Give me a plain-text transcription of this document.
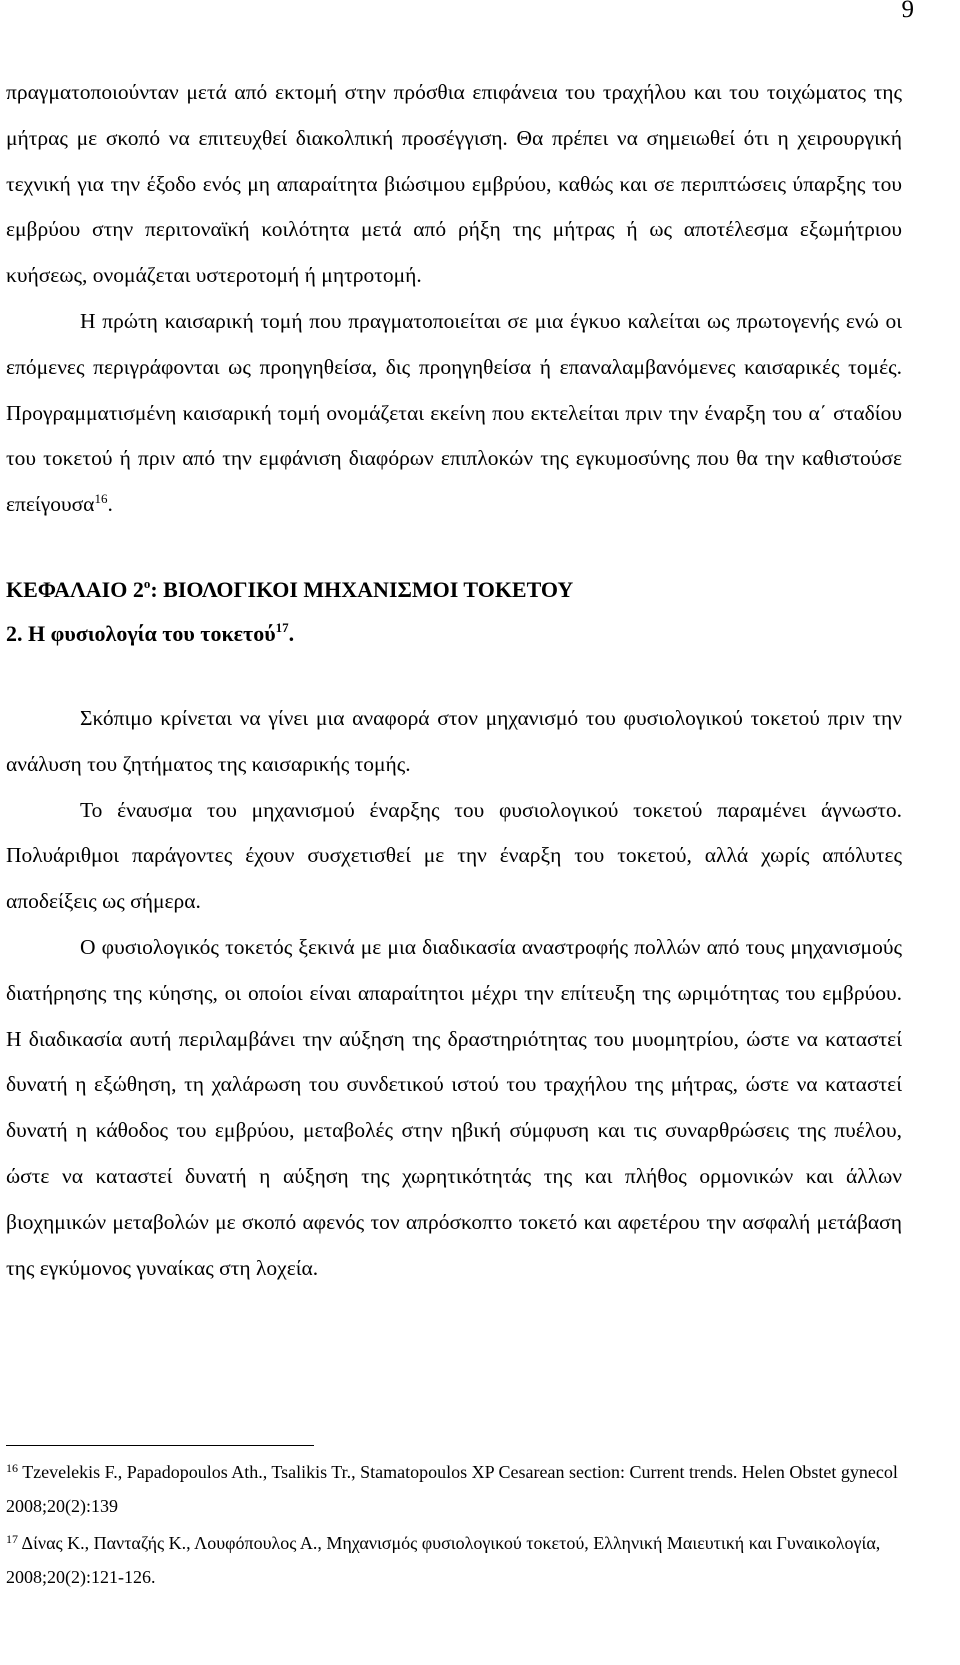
9

πραγματοποιούνταν μετά από εκτομή στην πρόσθια επιφάνεια του τραχήλου και του τοιχώματος της μήτρας με σκοπό να επιτευχθεί διακολπική προσέγγιση. Θα πρέπει να σημειωθεί ότι η χειρουργική τεχνική για την έξοδο ενός μη απαραίτητα βιώσιμου εμβρύου, καθώς και σε περιπτώσεις ύπαρξης του εμβρύου στην περιτοναϊκή κοιλότητα μετά από ρήξη της μήτρας ή ως αποτέλεσμα εξωμήτριου κυήσεως, ονομάζεται υστεροτομή ή μητροτομή.

Η πρώτη καισαρική τομή που πραγματοποιείται σε μια έγκυο καλείται ως πρωτογενής ενώ οι επόμενες περιγράφονται ως προηγηθείσα, δις προηγηθείσα ή επαναλαμβανόμενες καισαρικές τομές. Προγραμματισμένη καισαρική τομή ονομάζεται εκείνη που εκτελείται πριν την έναρξη του α΄ σταδίου του τοκετού ή πριν από την εμφάνιση διαφόρων επιπλοκών της εγκυμοσύνης που θα την καθιστούσε επείγουσα$^{16}$.

ΚΕΦΑΛΑΙΟ $2^o$: ΒΙΟΛΟΓΙΚΟΙ ΜΗΧΑΝΙΣΜΟΙ ΤΟΚΕΤΟΥ

2. Η φυσιολογία του τοκετού$^{17}$.

Σκόπιμο κρίνεται να γίνει μια αναφορά στον μηχανισμό του φυσιολογικού τοκετού πριν την ανάλυση του ζητήματος της καισαρικής τομής.

Το έναυσμα του μηχανισμού έναρξης του φυσιολογικού τοκετού παραμένει άγνωστο. Πολυάριθμοι παράγοντες έχουν συσχετισθεί με την έναρξη του τοκετού, αλλά χωρίς απόλυτες αποδείξεις ως σήμερα.

Ο φυσιολογικός τοκετός ξεκινά με μια διαδικασία αναστροφής πολλών από τους μηχανισμούς διατήρησης της κύησης, οι οποίοι είναι απαραίτητοι μέχρι την επίτευξη της ωριμότητας του εμβρύου. Η διαδικασία αυτή περιλαμβάνει την αύξηση της δραστηριότητας του μυομητρίου, ώστε να καταστεί δυνατή η εξώθηση, τη χαλάρωση του συνδετικού ιστού του τραχήλου της μήτρας, ώστε να καταστεί δυνατή η κάθοδος του εμβρύου, μεταβολές στην ηβική σύμφυση και τις συναρθρώσεις της πυέλου, ώστε να καταστεί δυνατή η αύξηση της χωρητικότητάς της και πλήθος ορμονικών και άλλων βιοχημικών μεταβολών με σκοπό αφενός τον απρόσκοπτο τοκετό και αφετέρου την ασφαλή μετάβαση της εγκύμονος γυναίκας στη λοχεία.

$^{16}$ Tzevelekis F., Papadopoulos Ath., Tsalikis Tr., Stamatopoulos XP Cesarean section: Current trends. Helen Obstet gynecol 2008;20(2):139

$^{17}$ Δίνας Κ., Πανταζής Κ., Λουφόπουλος Α., Μηχανισμός φυσιολογικού τοκετού, Ελληνική Μαιευτική και Γυναικολογία, 2008;20(2):121-126.
